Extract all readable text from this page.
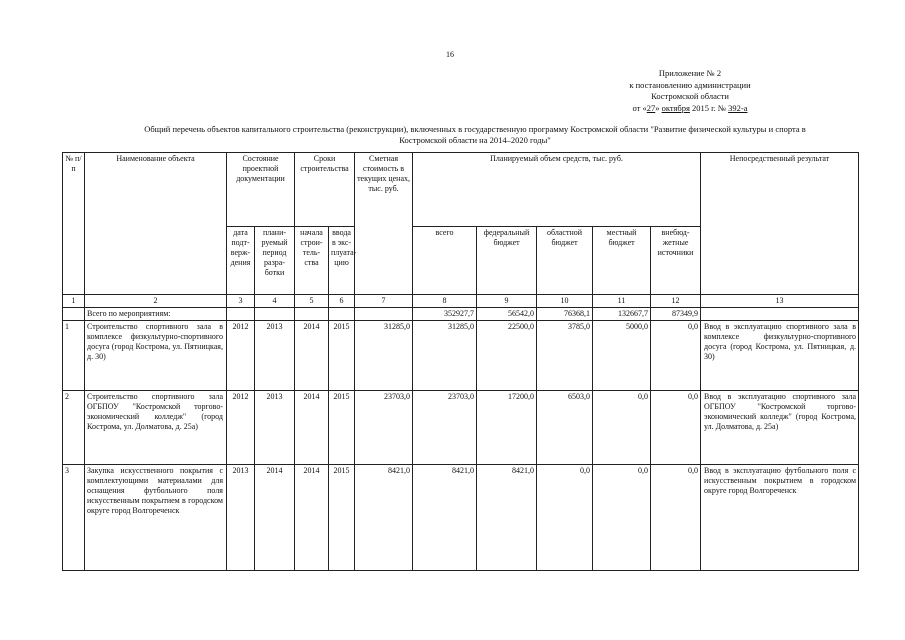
16
Приложение № 2
к постановлению администрации
Костромской области
от «27» октября 2015 г. № 392-а
Общий перечень объектов капитального строительства (реконструкции), включенных в государственную программу Костромской области "Развитие физической культуры и спорта в
Костромской области на 2014–2020 годы"
№ п/п	Наименование объекта	Состояние проектной документации		Сроки строительства		Сметная стоимость в текущих ценах, тыс. руб.	Планируемый объем средств, тыс. руб.					Непосредственный результат
		дата подт-верж-дения	плани-руемый период разра-ботки	начала строи-тель-ства	ввода в экс-плуата-цию		всего	федеральный бюджет	областной бюджет	местный бюджет	внебюд-жетные источники	
1	2	3	4	5	6	7	8	9	10	11	12	13
	Всего по мероприятиям:						352927,7	56542,0	76368,1	132667,7	87349,9	
1	Строительство спортивного зала в комплексе физкультурно-спортивного досуга (город Кострома, ул. Пятницкая, д. 30)	2012	2013	2014	2015	31285,0	31285,0	22500,0	3785,0	5000,0	0,0	Ввод в эксплуатацию спортивного зала в комплексе физкультурно-спортивного досуга (город Кострома, ул. Пятницкая, д. 30)
2	Строительство спортивного зала ОГБПОУ "Костромской торгово-экономический колледж" (город Кострома, ул. Долматова, д. 25а)	2012	2013	2014	2015	23703,0	23703,0	17200,0	6503,0	0,0	0,0	Ввод в эксплуатацию спортивного зала ОГБПОУ "Костромской торгово-экономический колледж" (город Кострома, ул. Долматова, д. 25а)
3	Закупка искусственного покрытия с комплектующими материалами для оснащения футбольного поля искусственным покрытием в городском округе город Волгореченск	2013	2014	2014	2015	8421,0	8421,0	8421,0	0,0	0,0	0,0	Ввод в эксплуатацию футбольного поля с искусственным покрытием в городском округе город Волгореченск
